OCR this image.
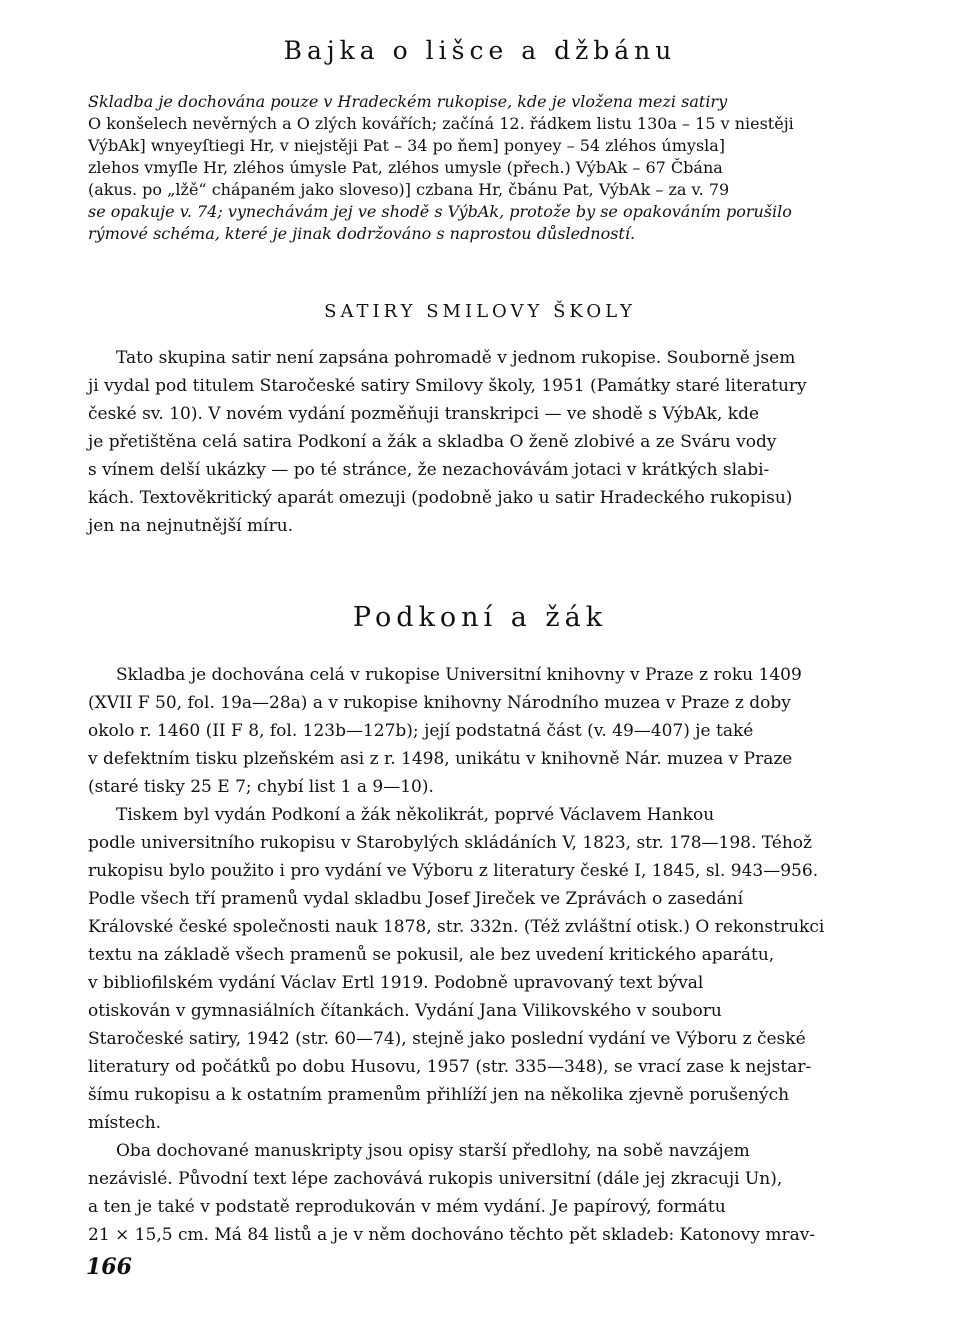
Bajka o lišce a džbánu
Skladba je dochována pouze v Hradeckém rukopise, kde je vložena mezi satiry
O konšelech nevěrných a O zlých kovářích; začíná 12. řádkem listu 130a – 15 v niestěji
VýbAk] wnyeyſtiegi Hr, v niejstěji Pat – 34 po ňem] ponyey – 54 zléhos úmysla]
zlehos vmyſle Hr, zléhos úmysle Pat, zléhos umysle (přech.) VýbAk – 67 Čbána
(akus. po „lžě“ chápaném jako sloveso)] czbana Hr, čbánu Pat, VýbAk – za v. 79
se opakuje v. 74; vynechávám jej ve shodě s VýbAk, protože by se opakováním porušilo
rýmové schéma, které je jinak dodržováno s naprostou důsledností.
SATIRY SMILOVY ŠKOLY
Tato skupina satir není zapsána pohromadě v jednom rukopise. Souborně jsem
ji vydal pod titulem Staročeské satiry Smilovy školy, 1951 (Památky staré literatury
české sv. 10). V novém vydání pozměňuji transkripci — ve shodě s VýbAk, kde
je přetištěna celá satira Podkoní a žák a skladba O ženě zlobivé a ze Sváru vody
s vínem delší ukázky — po té stránce, že nezachovávám jotaci v krátkých slabi-
kách. Textověkritický aparát omezuji (podobně jako u satir Hradeckého rukopisu)
jen na nejnutnější míru.
Podkoní a žák
Skladba je dochována celá v rukopise Universitní knihovny v Praze z roku 1409
(XVII F 50, fol. 19a—28a) a v rukopise knihovny Národního muzea v Praze z doby
okolo r. 1460 (II F 8, fol. 123b—127b); její podstatná část (v. 49—407) je také
v defektním tisku plzeňském asi z r. 1498, unikátu v knihovně Nár. muzea v Praze
(staré tisky 25 E 7; chybí list 1 a 9—10).
Tiskem byl vydán Podkoní a žák několikrát, poprvé Václavem Hankou
podle universitního rukopisu v Starobylých skládáních V, 1823, str. 178—198. Téhož
rukopisu bylo použito i pro vydání ve Výboru z literatury české I, 1845, sl. 943—956.
Podle všech tří pramenů vydal skladbu Josef Jireček ve Zprávách o zasedání
Královské české společnosti nauk 1878, str. 332n. (Též zvláštní otisk.) O rekonstrukci
textu na základě všech pramenů se pokusil, ale bez uvedení kritického aparátu,
v bibliofilském vydání Václav Ertl 1919. Podobně upravovaný text býval
otiskován v gymnasiálních čítankách. Vydání Jana Vilikovského v souboru
Staročeské satiry, 1942 (str. 60—74), stejně jako poslední vydání ve Výboru z české
literatury od počátků po dobu Husovu, 1957 (str. 335—348), se vrací zase k nejstar-
šímu rukopisu a k ostatním pramenům přihlíží jen na několika zjevně porušených
místech.
Oba dochované manuskripty jsou opisy starší předlohy, na sobě navzájem
nezávislé. Původní text lépe zachovává rukopis universitní (dále jej zkracuji Un),
a ten je také v podstatě reprodukován v mém vydání. Je papírový, formátu
21 × 15,5 cm. Má 84 listů a je v něm dochováno těchto pět skladeb: Katonovy mrav-
166
